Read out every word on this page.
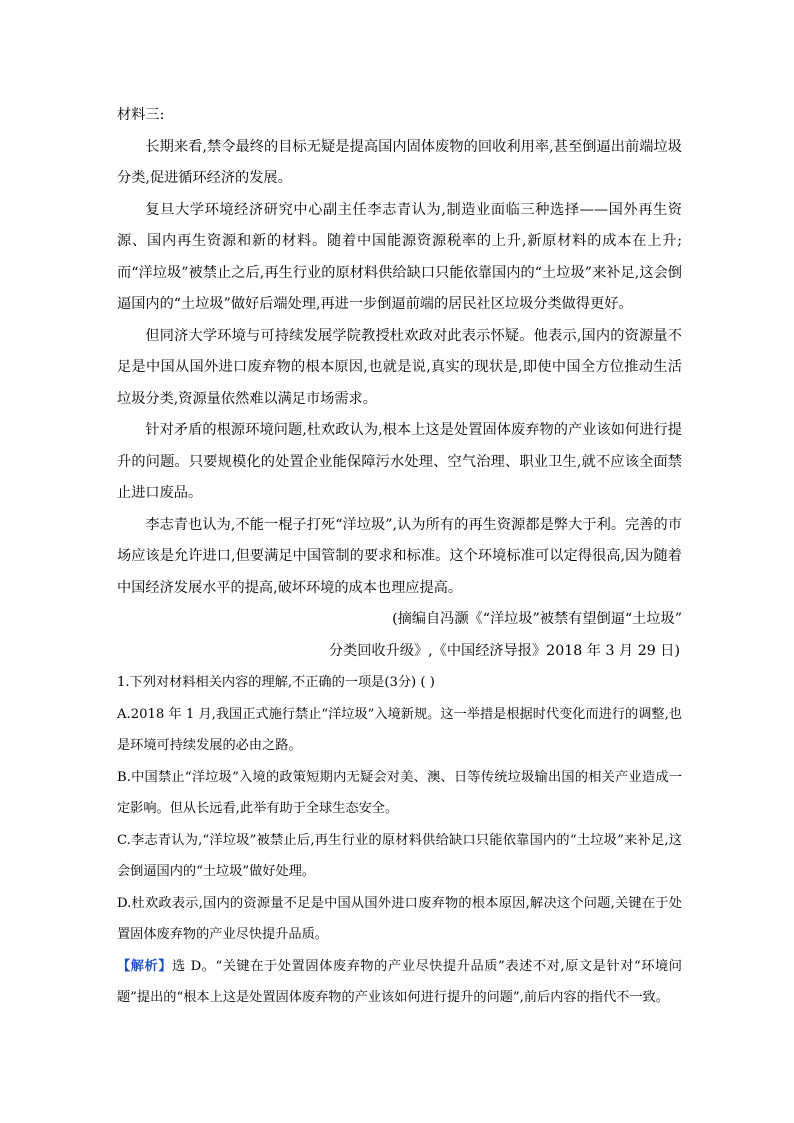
材料三:

长期来看,禁令最终的目标无疑是提高国内固体废物的回收利用率,甚至倒逼出前端垃圾分类,促进循环经济的发展。

复旦大学环境经济研究中心副主任李志青认为,制造业面临三种选择——国外再生资源、国内再生资源和新的材料。随着中国能源资源税率的上升,新原材料的成本在上升;而“洋垃圾”被禁止之后,再生行业的原材料供给缺口只能依靠国内的“土垃圾”来补足,这会倒逼国内的“土垃圾”做好后端处理,再进一步倒逼前端的居民社区垃圾分类做得更好。

但同济大学环境与可持续发展学院教授杜欢政对此表示怀疑。他表示,国内的资源量不足是中国从国外进口废弃物的根本原因,也就是说,真实的现状是,即使中国全方位推动生活垃圾分类,资源量依然难以满足市场需求。

针对矛盾的根源环境问题,杜欢政认为,根本上这是处置固体废弃物的产业该如何进行提升的问题。只要规模化的处置企业能保障污水处理、空气治理、职业卫生,就不应该全面禁止进口废品。

李志青也认为,不能一棍子打死“洋垃圾”,认为所有的再生资源都是弊大于利。完善的市场应该是允许进口,但要满足中国管制的要求和标准。这个环境标准可以定得很高,因为随着中国经济发展水平的提高,破坏环境的成本也理应提高。

(摘编自冯灏《“洋垃圾”被禁有望倒逼“土垃圾”

分类回收升级》,《中国经济导报》2018 年 3 月 29 日)

1.下列对材料相关内容的理解,不正确的一项是(3分) ( )

A.2018 年 1 月,我国正式施行禁止“洋垃圾”入境新规。这一举措是根据时代变化而进行的调整,也是环境可持续发展的必由之路。

B.中国禁止“洋垃圾”入境的政策短期内无疑会对美、澳、日等传统垃圾输出国的相关产业造成一定影响。但从长远看,此举有助于全球生态安全。

C.李志青认为,“洋垃圾”被禁止后,再生行业的原材料供给缺口只能依靠国内的“土垃圾”来补足,这会倒逼国内的“土垃圾”做好处理。

D.杜欢政表示,国内的资源量不足是中国从国外进口废弃物的根本原因,解决这个问题,关键在于处置固体废弃物的产业尽快提升品质。

【解析】选 D。“关键在于处置固体废弃物的产业尽快提升品质”表述不对,原文是针对“环境问题”提出的“根本上这是处置固体废弃物的产业该如何进行提升的问题”,前后内容的指代不一致。
